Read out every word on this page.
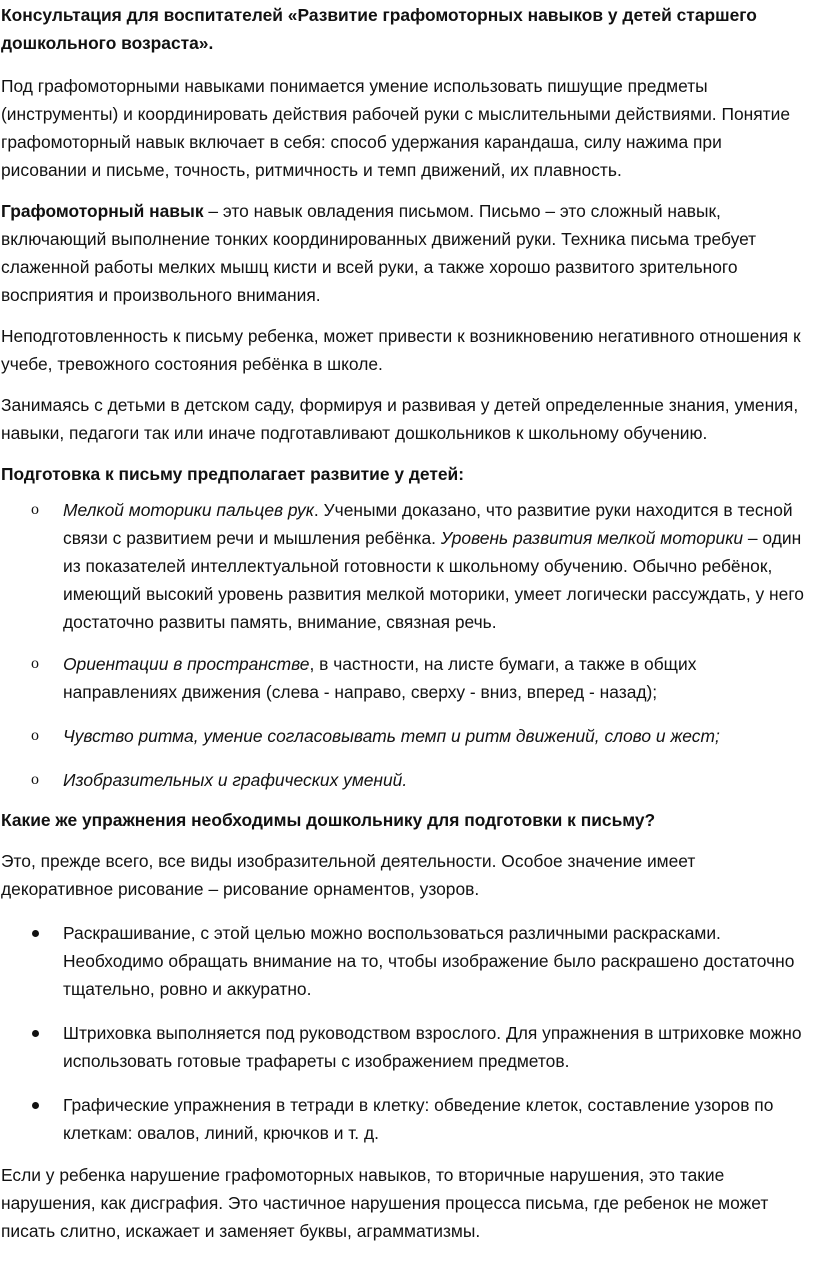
Консультация для воспитателей «Развитие графомоторных навыков у детей старшего дошкольного возраста».

Под графомоторными навыками понимается умение использовать пишущие предметы (инструменты) и координировать действия рабочей руки с мыслительными действиями. Понятие графомоторный навык включает в себя: способ удержания карандаша, силу нажима при рисовании и письме, точность, ритмичность и темп движений, их плавность.

Графомоторный навык – это навык овладения письмом. Письмо – это сложный навык, включающий выполнение тонких координированных движений руки. Техника письма требует слаженной работы мелких мышц кисти и всей руки, а также хорошо развитого зрительного восприятия и произвольного внимания.

Неподготовленность к письму ребенка, может привести к возникновению негативного отношения к учебе, тревожного состояния ребёнка в школе.

Занимаясь с детьми в детском саду, формируя и развивая у детей определенные знания, умения, навыки, педагоги так или иначе подготавливают дошкольников к школьному обучению.

Подготовка к письму предполагает развитие у детей:

o Мелкой моторики пальцев рук. Учеными доказано, что развитие руки находится в тесной связи с развитием речи и мышления ребёнка. Уровень развития мелкой моторики – один из показателей интеллектуальной готовности к школьному обучению. Обычно ребёнок, имеющий высокий уровень развития мелкой моторики, умеет логически рассуждать, у него достаточно развиты память, внимание, связная речь.
o Ориентации в пространстве, в частности, на листе бумаги, а также в общих направлениях движения (слева - направо, сверху - вниз, вперед - назад);
o Чувство ритма, умение согласовывать темп и ритм движений, слово и жест;
o Изобразительных и графических умений.

Какие же упражнения необходимы дошкольнику для подготовки к письму?

Это, прежде всего, все виды изобразительной деятельности. Особое значение имеет декоративное рисование – рисование орнаментов, узоров.

Раскрашивание, с этой целью можно воспользоваться различными раскрасками. Необходимо обращать внимание на то, чтобы изображение было раскрашено достаточно тщательно, ровно и аккуратно.
Штриховка выполняется под руководством взрослого. Для упражнения в штриховке можно использовать готовые трафареты с изображением предметов.
Графические упражнения в тетради в клетку: обведение клеток, составление узоров по клеткам: овалов, линий, крючков и т. д.

Если у ребенка нарушение графомоторных навыков, то вторичные нарушения, это такие нарушения, как дисграфия. Это частичное нарушения процесса письма, где ребенок не может писать слитно, искажает и заменяет буквы, аграмматизмы.
